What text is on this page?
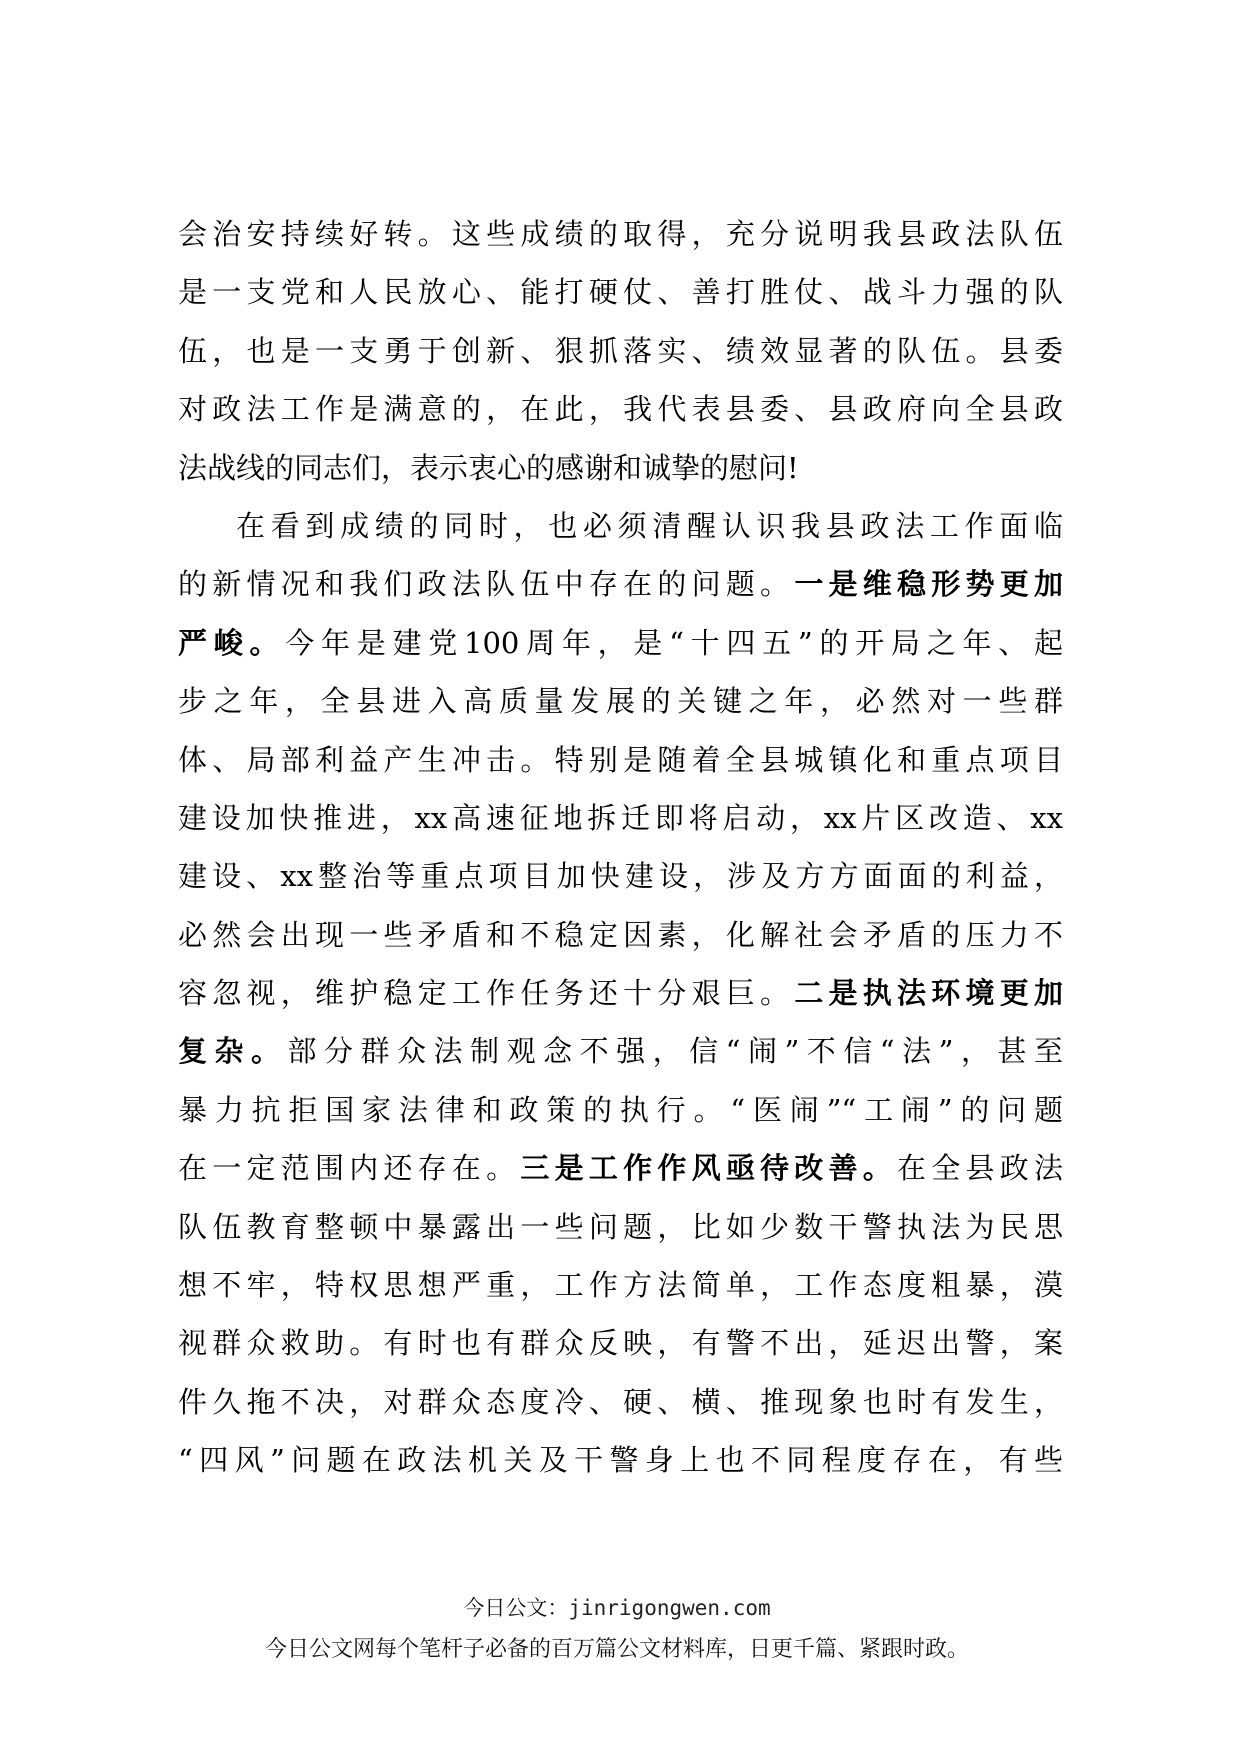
会治安持续好转。这些成绩的取得，充分说明我县政法队伍
是一支党和人民放心、能打硬仗、善打胜仗、战斗力强的队
伍，也是一支勇于创新、狠抓落实、绩效显著的队伍。县委
对政法工作是满意的，在此，我代表县委、县政府向全县政
法战线的同志们，表示衷心的感谢和诚挚的慰问!
在看到成绩的同时，也必须清醒认识我县政法工作面临
的新情况和我们政法队伍中存在的问题。一是维稳形势更加
严峻。今年是建党100周年，是“十四五”的开局之年、起
步之年，全县进入高质量发展的关键之年，必然对一些群
体、局部利益产生冲击。特别是随着全县城镇化和重点项目
建设加快推进，xx高速征地拆迁即将启动，xx片区改造、xx
建设、xx整治等重点项目加快建设，涉及方方面面的利益，
必然会出现一些矛盾和不稳定因素，化解社会矛盾的压力不
容忽视，维护稳定工作任务还十分艰巨。二是执法环境更加
复杂。部分群众法制观念不强，信“闹”不信“法”，甚至
暴力抗拒国家法律和政策的执行。“医闹”“工闹”的问题
在一定范围内还存在。三是工作作风亟待改善。在全县政法
队伍教育整顿中暴露出一些问题，比如少数干警执法为民思
想不牢，特权思想严重，工作方法简单，工作态度粗暴，漠
视群众救助。有时也有群众反映，有警不出，延迟出警，案
件久拖不决，对群众态度冷、硬、横、推现象也时有发生，
“四风”问题在政法机关及干警身上也不同程度存在，有些
今日公文：jinrigongwen.com
今日公文网每个笔杆子必备的百万篇公文材料库，日更千篇、紧跟时政。
